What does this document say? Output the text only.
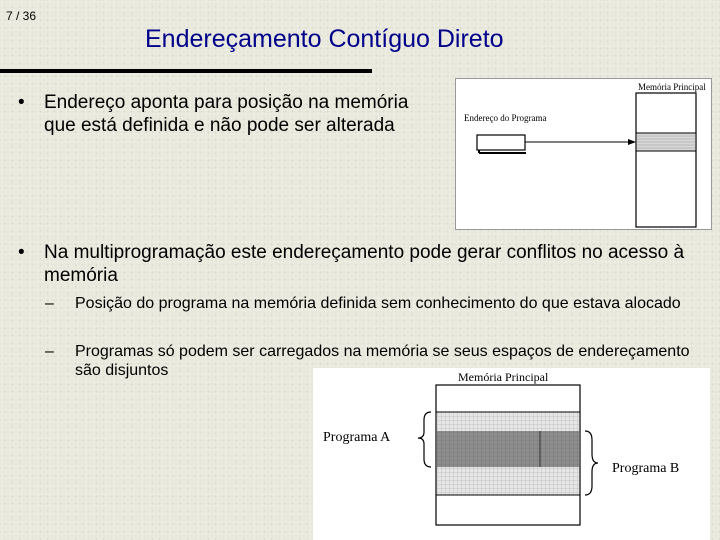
7 / 36
Endereçamento Contíguo Direto
• Endereço aponta para posição na memória que está definida e não pode ser alterada
Memória Principal
Endereço do Programa
• Na multiprogramação este endereçamento pode gerar conflitos no acesso à memória
– Posição do programa na memória definida sem conhecimento do que estava alocado
– Programas só podem ser carregados na memória se seus espaços de endereçamento são disjuntos	Memória Principal
Programa A
Programa B
